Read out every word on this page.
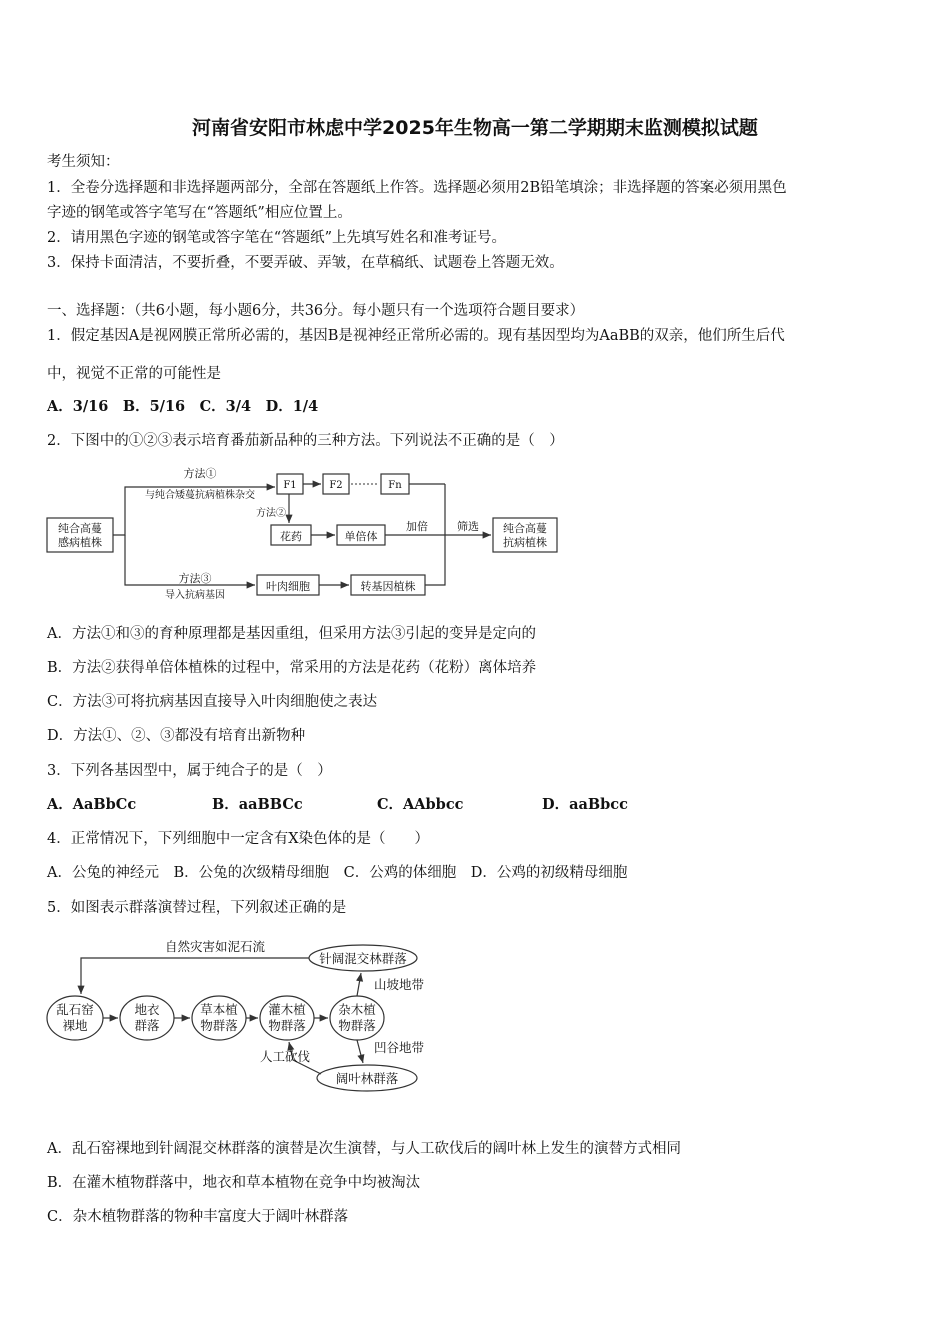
河南省安阳市林虑中学2025年生物高一第二学期期末监测模拟试题
考生须知：
1．全卷分选择题和非选择题两部分，全部在答题纸上作答。选择题必须用2B铅笔填涂；非选择题的答案必须用黑色
字迹的钢笔或答字笔写在“答题纸”相应位置上。
2．请用黑色字迹的钢笔或答字笔在“答题纸”上先填写姓名和准考证号。
3．保持卡面清洁，不要折叠，不要弄破、弄皱，在草稿纸、试题卷上答题无效。
一、选择题：（共6小题，每小题6分，共36分。每小题只有一个选项符合题目要求）
1．假定基因A是视网膜正常所必需的，基因B是视神经正常所必需的。现有基因型均为AaBB的双亲，他们所生后代
中，视觉不正常的可能性是
A．3/16　B．5/16　C．3/4　D．1/4
2．下图中的①②③表示培育番茄新品种的三种方法。下列说法不正确的是（　）
纯合高蔓
感病植株
方法①
与纯合矮蔓抗病植株杂交
F1	F2	Fn
方法②
花药	单倍体
加倍	筛选 纯合高蔓
抗病植株
方法③
导入抗病基因
叶肉细胞	转基因植株
A．方法①和③的育种原理都是基因重组，但采用方法③引起的变异是定向的
B．方法②获得单倍体植株的过程中，常采用的方法是花药（花粉）离体培养
C．方法③可将抗病基因直接导入叶肉细胞使之表达
D．方法①、②、③都没有培育出新物种
3．下列各基因型中，属于纯合子的是（　）
A．AaBbCc	B．aaBBCc	C．AAbbcc	D．aaBbcc
4．正常情况下，下列细胞中一定含有X染色体的是（　　）
A．公兔的神经元　B．公兔的次级精母细胞　C．公鸡的体细胞　D．公鸡的初级精母细胞
5．如图表示群落演替过程，下列叙述正确的是
自然灾害如泥石流
针阔混交林群落
山坡地带
乱石窑
裸地
地衣
群落
草本植
物群落
灌木植
物群落
杂木植
物群落
凹谷地带
人工砍伐
阔叶林群落
A．乱石窑裸地到针阔混交林群落的演替是次生演替，与人工砍伐后的阔叶林上发生的演替方式相同
B．在灌木植物群落中，地衣和草本植物在竞争中均被淘汰
C．杂木植物群落的物种丰富度大于阔叶林群落
